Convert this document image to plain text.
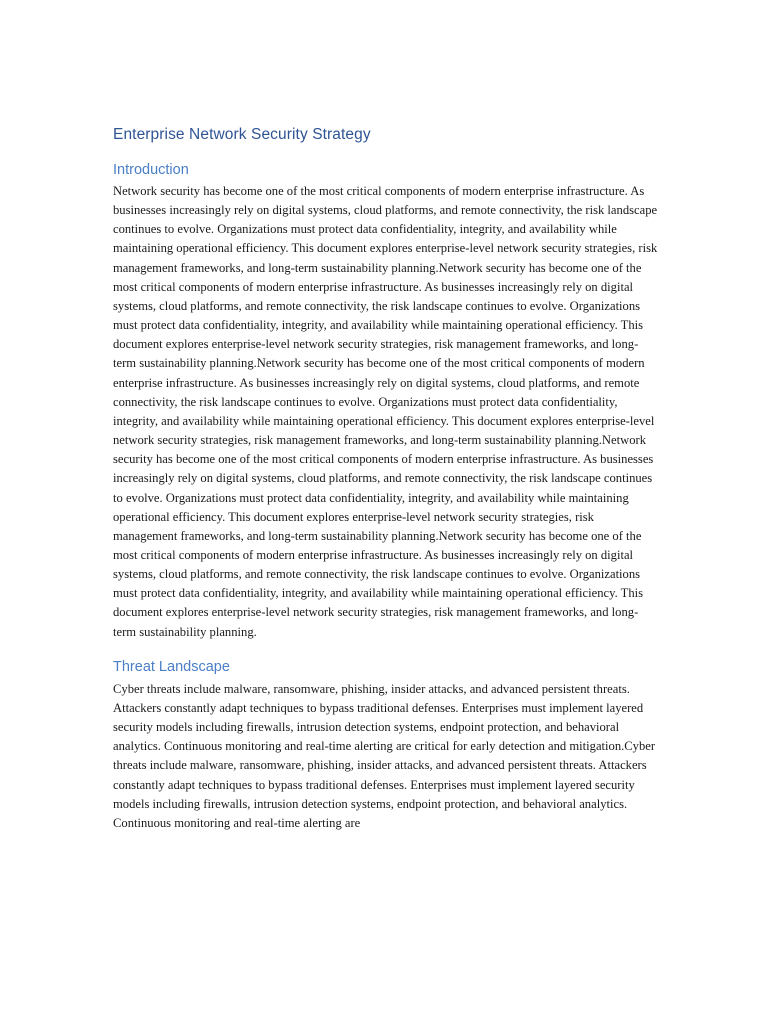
Enterprise Network Security Strategy
Introduction

Network security has become one of the most critical components of modern enterprise infrastructure. As businesses increasingly rely on digital systems, cloud platforms, and remote connectivity, the risk landscape continues to evolve. Organizations must protect data confidentiality, integrity, and availability while maintaining operational efficiency. This document explores enterprise-level network security strategies, risk management frameworks, and long-term sustainability planning.Network security has become one of the most critical components of modern enterprise infrastructure. As businesses increasingly rely on digital systems, cloud platforms, and remote connectivity, the risk landscape continues to evolve. Organizations must protect data confidentiality, integrity, and availability while maintaining operational efficiency. This document explores enterprise-level network security strategies, risk management frameworks, and long-term sustainability planning.Network security has become one of the most critical components of modern enterprise infrastructure. As businesses increasingly rely on digital systems, cloud platforms, and remote connectivity, the risk landscape continues to evolve. Organizations must protect data confidentiality, integrity, and availability while maintaining operational efficiency. This document explores enterprise-level network security strategies, risk management frameworks, and long-term sustainability planning.Network security has become one of the most critical components of modern enterprise infrastructure. As businesses increasingly rely on digital systems, cloud platforms, and remote connectivity, the risk landscape continues to evolve. Organizations must protect data confidentiality, integrity, and availability while maintaining operational efficiency. This document explores enterprise-level network security strategies, risk management frameworks, and long-term sustainability planning.Network security has become one of the most critical components of modern enterprise infrastructure. As businesses increasingly rely on digital systems, cloud platforms, and remote connectivity, the risk landscape continues to evolve. Organizations must protect data confidentiality, integrity, and availability while maintaining operational efficiency. This document explores enterprise-level network security strategies, risk management frameworks, and long-term sustainability planning.

Threat Landscape

Cyber threats include malware, ransomware, phishing, insider attacks, and advanced persistent threats. Attackers constantly adapt techniques to bypass traditional defenses. Enterprises must implement layered security models including firewalls, intrusion detection systems, endpoint protection, and behavioral analytics. Continuous monitoring and real-time alerting are critical for early detection and mitigation.Cyber threats include malware, ransomware, phishing, insider attacks, and advanced persistent threats. Attackers constantly adapt techniques to bypass traditional defenses. Enterprises must implement layered security models including firewalls, intrusion detection systems, endpoint protection, and behavioral analytics. Continuous monitoring and real-time alerting are
